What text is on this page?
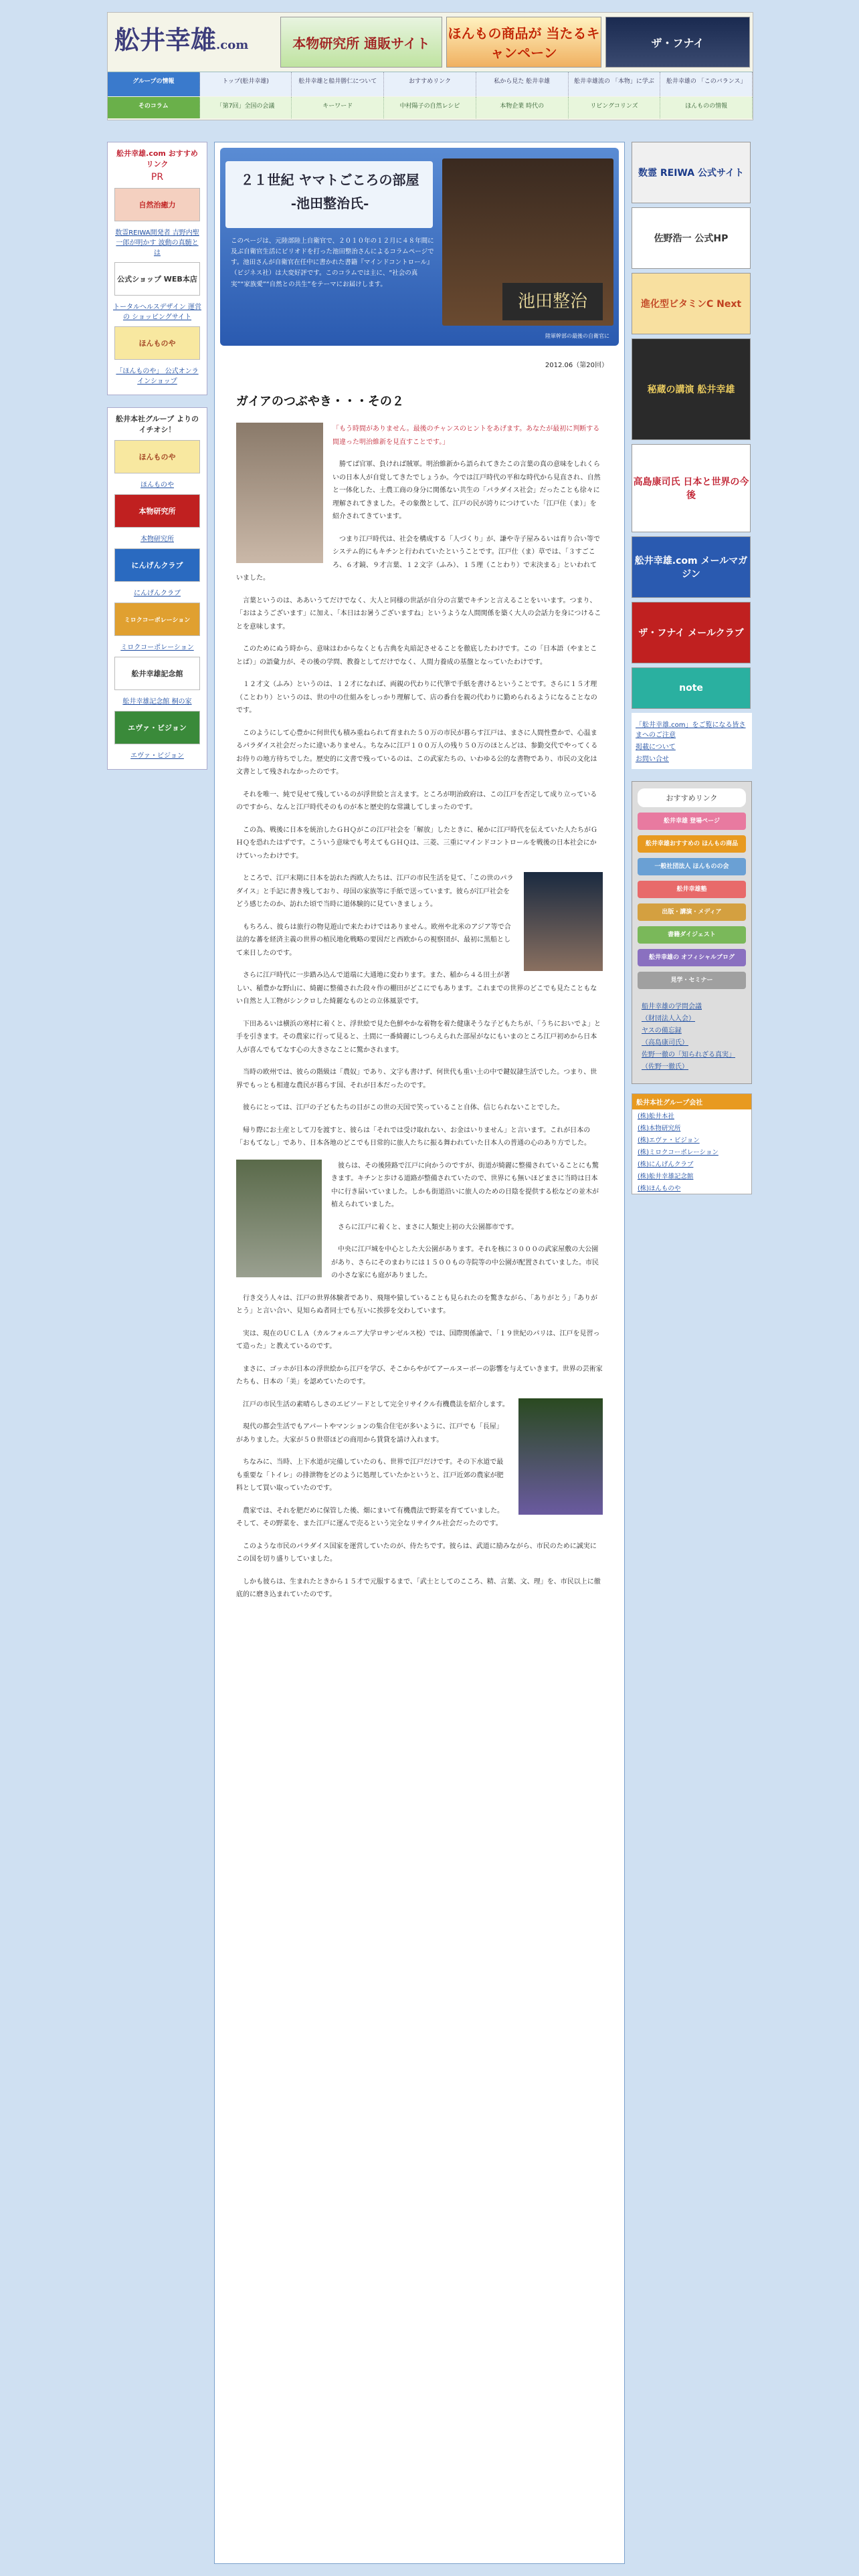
舩井幸雄.com	本物研究所 通販サイト
ほんもの商品が 当たるキャンペーン
ザ・フナイ
グループの情報	トップ(舩井幸雄)	舩井幸雄と船井勝仁について	おすすめリンク	私から見た 舩井幸雄	舩井幸雄流の 「本物」に学ぶ	舩井幸雄の 「このバランス」
そのコラム	「第7回」全国の会議	キーワード	中村陽子の自然レシピ	本物企業 時代の	リビングコリンズ	ほんものの情報
舩井幸雄.com おすすめリンク
PR
自然治癒力
数霊REIWA開発者 吉野内聖一郎が明かす 波動の真髄とは
公式ショップ WEB本店
トータルヘルスデザイン 運営の ショッピングサイト
ほんものや
「ほんものや」 公式オンラインショップ
舩井本社グループ よりのイチオシ！
ほんものや
ほんものや
本物研究所
本物研究所
にんげんクラブ
にんげんクラブ
ミロクコーポレーション
ミロクコーポレーション
舩井幸雄記念館
舩井幸雄記念館 桐の家
エヴァ・ビジョン
エヴァ・ビジョン
２１世紀 ヤマトごころの部屋
-池田整治氏-
このページは、元陸部陸上自衛官で、２０１０年の１２月に４８年間に及ぶ自衛官生活にピリオドを打った池田整治さんによるコラムページです。池田さんが自衛官在任中に書かれた書籍『マインドコントロール』（ビジネス社）は大変好評です。このコラムでは主に、“社会の真実”“家族愛”“自然との共生”をテーマにお届けします。
池田整治
陸軍幹部の最後の自衛官に
2012.06（第20回）
ガイアのつぶやき・・・その２

「もう時間がありません。最後のチャンスのヒントをあげます。あなたが最初に判断する間違った明治維新を見直すことです。」

勝てば官軍、負ければ賊軍。明治維新から語られてきたこの言葉の真の意味をしれくらいの日本人が自覚してきたでしょうか。今では江戸時代の平和な時代から見直され、自然と一体化した、土農工商の身分に関係ない共生の「パラダイス社会」だったことも徐々に理解されてきました。その象徴として、江戸の民が誇りにつけていた「江戸住（ま）」を紹介されてきています。

つまり江戸時代は、社会を構成する「人づくり」が、謙や寺子屋みるいは育り合い等でシステム的にもキチンと行われていたということです。江戸仕（ま）草では、「３すごころ、６才鏡、９才言葉、１２文字（ふみ）、１５理（ことわり）で末決まる」といわれていました。

言葉というのは、ああいうてだけでなく、大人と同様の世話が自分の言葉でキチンと言えることをいいます。つまり、「おはようございます」に加え、「本日はお暑うございますね」というような人間関係を築く大人の会話力を身につけることを意味します。

このためにぬう時から、意味はわからなくとも古典を丸暗記させることを徹底したわけです。この「日本語（やまとことば）」の語彙力が、その後の学問、教養としてだけでなく、人間力養成の基盤となっていたわけです。

１２才文（ふみ）というのは、１２才になれば、両親の代わりに代筆で手紙を書けるということです。さらに１５才理（ことわり）というのは、世の中の仕組みをしっかり理解して、店の番台を親の代わりに勤められるようになることなのです。

このようにして心豊かに何世代も積み重ねられて育まれた５０万の市民が暮らす江戸は、まさに人間性豊かで、心温まるパラダイス社会だったに違いありません。ちなみに江戸１００万人の残り５０万のほとんどは、参勤交代でやってくるお侍りの地方待ちでした。歴史的に文書で残っているのは、この武家たちの、いわゆる公的な書物であり、市民の文化は文書として残されなかったのです。

それを唯一、純で見せて残しているのが浮世絵と言えます。ところが明治政府は、この江戸を否定して成り立っているのですから、なんと江戸時代そのものが本と歴史的な常識してしまったのです。

この為、戦後に日本を統治したＧＨＱがこの江戸社会を「解放」したときに、秘かに江戸時代を伝えていた人たちがＧＨＱを恐れたはずです。こういう意味でも考えてもＧＨＱは、三菱、三重にマインドコントロールを戦後の日本社会にかけていったわけです。

ところで、江戸末期に日本を訪れた西欧人たちは、江戸の市民生活を見て、「この世のパラダイス」と手記に書き残しており、母国の家族等に手紙で送っています。彼らが江戸社会をどう感じたのか、訪れた頃で当時に道体験的に見ていきましょう。

もちろん、彼らは旅行の物見遊山で来たわけではありません。欧州や北米のアジア等で合法的な蕃を経済主義の世界の植民地化戦略の要因だと西欧からの視察団が、最初に黒船として来日したのです。

さらに江戸時代に一歩踏み込んで道端に大通地に変わります。また、稲から４る田土が著しい、稲豊かな野山に、綺麗に整備された段々作の棚田がどこにでもあります。これまでの世界のどこでも見たこともない自然と人工物がシンクロした綺麗なものとの立体風景です。

下田あるいは横浜の寒村に着くと、浮世絵で見た色鮮やかな着物を着た健康そうな子どもたちが、「うちにおいでよ」と手を引きます。その農家に行って見ると、土間に一番綺麗にしつらえられた部屋がなにもいまのところ江戸初めから日本人が喜んでもてなす心の大きさなことに驚かされます。

当時の欧州では、彼らの階級は「農奴」であり、文字も書けず、何世代も重い土の中で鍵奴隷生活でした。つまり、世界でもっとも相違な農民が暮らす国、それが日本だったのです。

彼らにとっては、江戸の子どもたちの目がこの世の天国で笑っていること自体、信じられないことでした。

帰り際にお土産として刀を渡すと、彼らは「それでは受け取れない、お金はいりません」と言います。これが日本の「おもてなし」であり、日本各地のどこでも日常的に旅人たちに振る舞われていた日本人の普通の心のあり方でした。

彼らは、その後陸路で江戸に向かうのですが、街道が綺麗に整備されていることにも驚きます。キチンと歩ける道路が整備されていたので、世界にも無いほどまさに当時は日本中に行き届いていました。しかも街道沿いに旅人のための日陰を提供する松などの並木が植えられていました。

さらに江戸に着くと、まさに人類史上初の大公園都市です。

中央に江戸城を中心とした大公園があります。それを核に３０００の武家屋敷の大公園があり、さらにそのまわりには１５００もの寺院等の中公園が配置されていました。市民の小さな家にも庭がありました。

行き交う人々は、江戸の世界体験者であり、飛翔や猿していることも見られたのを驚きながら、「ありがとう」「ありがとう」と言い合い、見知らぬ者同士でも互いに挨拶を交わしています。

実は、現在のＵＣＬＡ（カルフォルニア大学ロサンゼルス校）では、国際関係論で、「１９世紀のパリは、江戸を見習って造った」と教えているのです。

まさに、ゴッホが日本の浮世絵から江戸を学び、そこからやがてアールヌーボーの影響を与えていきます。世界の芸術家たちも、日本の「美」を認めていたのです。

江戸の市民生活の素晴らしさのエピソードとして完全リサイクル有機農法を紹介します。

現代の都会生活でもアパートやマンションの集合住宅が多いように、江戸でも「長屋」がありました。大家が５０世帯ほどの商用から賃貸を請け入れます。

ちなみに、当時、上下水道が完備していたのも、世界で江戸だけです。その下水道で最も重要な「トイレ」の排泄物をどのように処理していたかというと、江戸近郊の農家が肥料として買い取っていたのです。

農家では、それを肥だめに保管した後、畑にまいて有機農法で野菜を育てていました。そして、その野菜を、また江戸に運んで売るという完全なリサイクル社会だったのです。

このような市民のパラダイス国家を運営していたのが、侍たちです。彼らは、武道に励みながら、市民のために誠実にこの国を切り盛りしていました。

しかも彼らは、生まれたときから１５才で元服するまで、「武士としてのこころ、精、言葉、文、理」を、市民以上に徹底的に磨き込まれていたのです。

数霊 REIWA 公式サイト
佐野浩一 公式HP
進化型ビタミンC Next
秘蔵の講演 舩井幸雄
高島康司氏 日本と世界の今後
舩井幸雄.com メールマガジン
ザ・フナイ メールクラブ
note
「舩井幸雄.com」をご覧になる皆さまへのご注意
掲載について
お問い合せ
おすすめリンク
舩井幸雄 登場ページ
舩井幸雄おすすめの ほんもの商品
一般社団法人 ほんものの会
舩井幸雄塾
出版・講演・メディア
書籍ダイジェスト
舩井幸雄の オフィシャルブログ
見学・セミナー
船井幸雄の学問会議
（財団法人入会）
ヤスの備忘録
（高島康司氏）
佐野一徹の「知られざる真実」
（佐野一徹氏）
舩井本社グループ会社
(株)舩井本社
(株)本物研究所
(株)エヴァ・ビジョン
(株)ミロクコーポレーション
(株)にんげんクラブ
(株)舩井幸雄記念館
(株)ほんものや
